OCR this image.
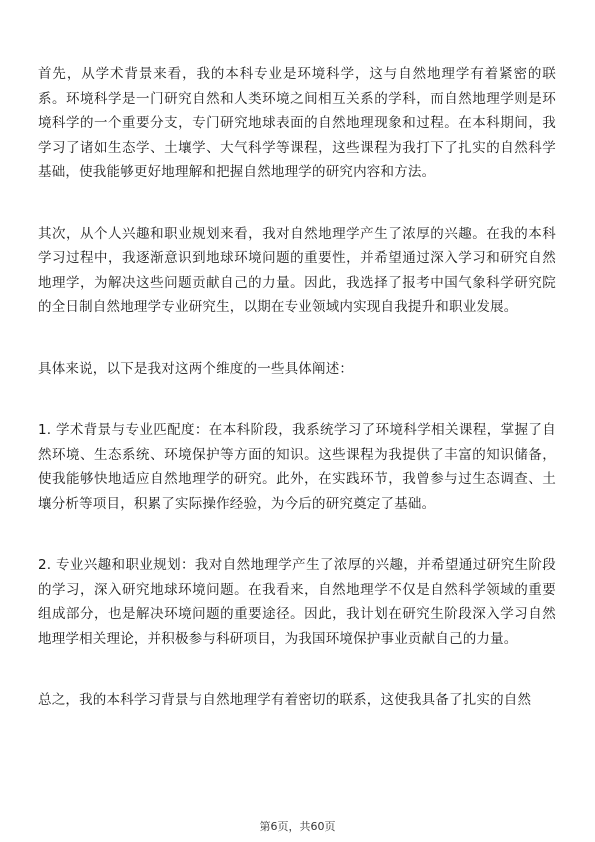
首先，从学术背景来看，我的本科专业是环境科学，这与自然地理学有着紧密的联系。环境科学是一门研究自然和人类环境之间相互关系的学科，而自然地理学则是环境科学的一个重要分支，专门研究地球表面的自然地理现象和过程。在本科期间，我学习了诸如生态学、土壤学、大气科学等课程，这些课程为我打下了扎实的自然科学基础，使我能够更好地理解和把握自然地理学的研究内容和方法。

其次，从个人兴趣和职业规划来看，我对自然地理学产生了浓厚的兴趣。在我的本科学习过程中，我逐渐意识到地球环境问题的重要性，并希望通过深入学习和研究自然地理学，为解决这些问题贡献自己的力量。因此，我选择了报考中国气象科学研究院的全日制自然地理学专业研究生，以期在专业领域内实现自我提升和职业发展。

具体来说，以下是我对这两个维度的一些具体阐述：

1. 学术背景与专业匹配度：在本科阶段，我系统学习了环境科学相关课程，掌握了自然环境、生态系统、环境保护等方面的知识。这些课程为我提供了丰富的知识储备，使我能够快地适应自然地理学的研究。此外，在实践环节，我曾参与过生态调查、土壤分析等项目，积累了实际操作经验，为今后的研究奠定了基础。

2. 专业兴趣和职业规划：我对自然地理学产生了浓厚的兴趣，并希望通过研究生阶段的学习，深入研究地球环境问题。在我看来，自然地理学不仅是自然科学领域的重要组成部分，也是解决环境问题的重要途径。因此，我计划在研究生阶段深入学习自然地理学相关理论，并积极参与科研项目，为我国环境保护事业贡献自己的力量。

总之，我的本科学习背景与自然地理学有着密切的联系，这使我具备了扎实的自然

第6页，共60页
